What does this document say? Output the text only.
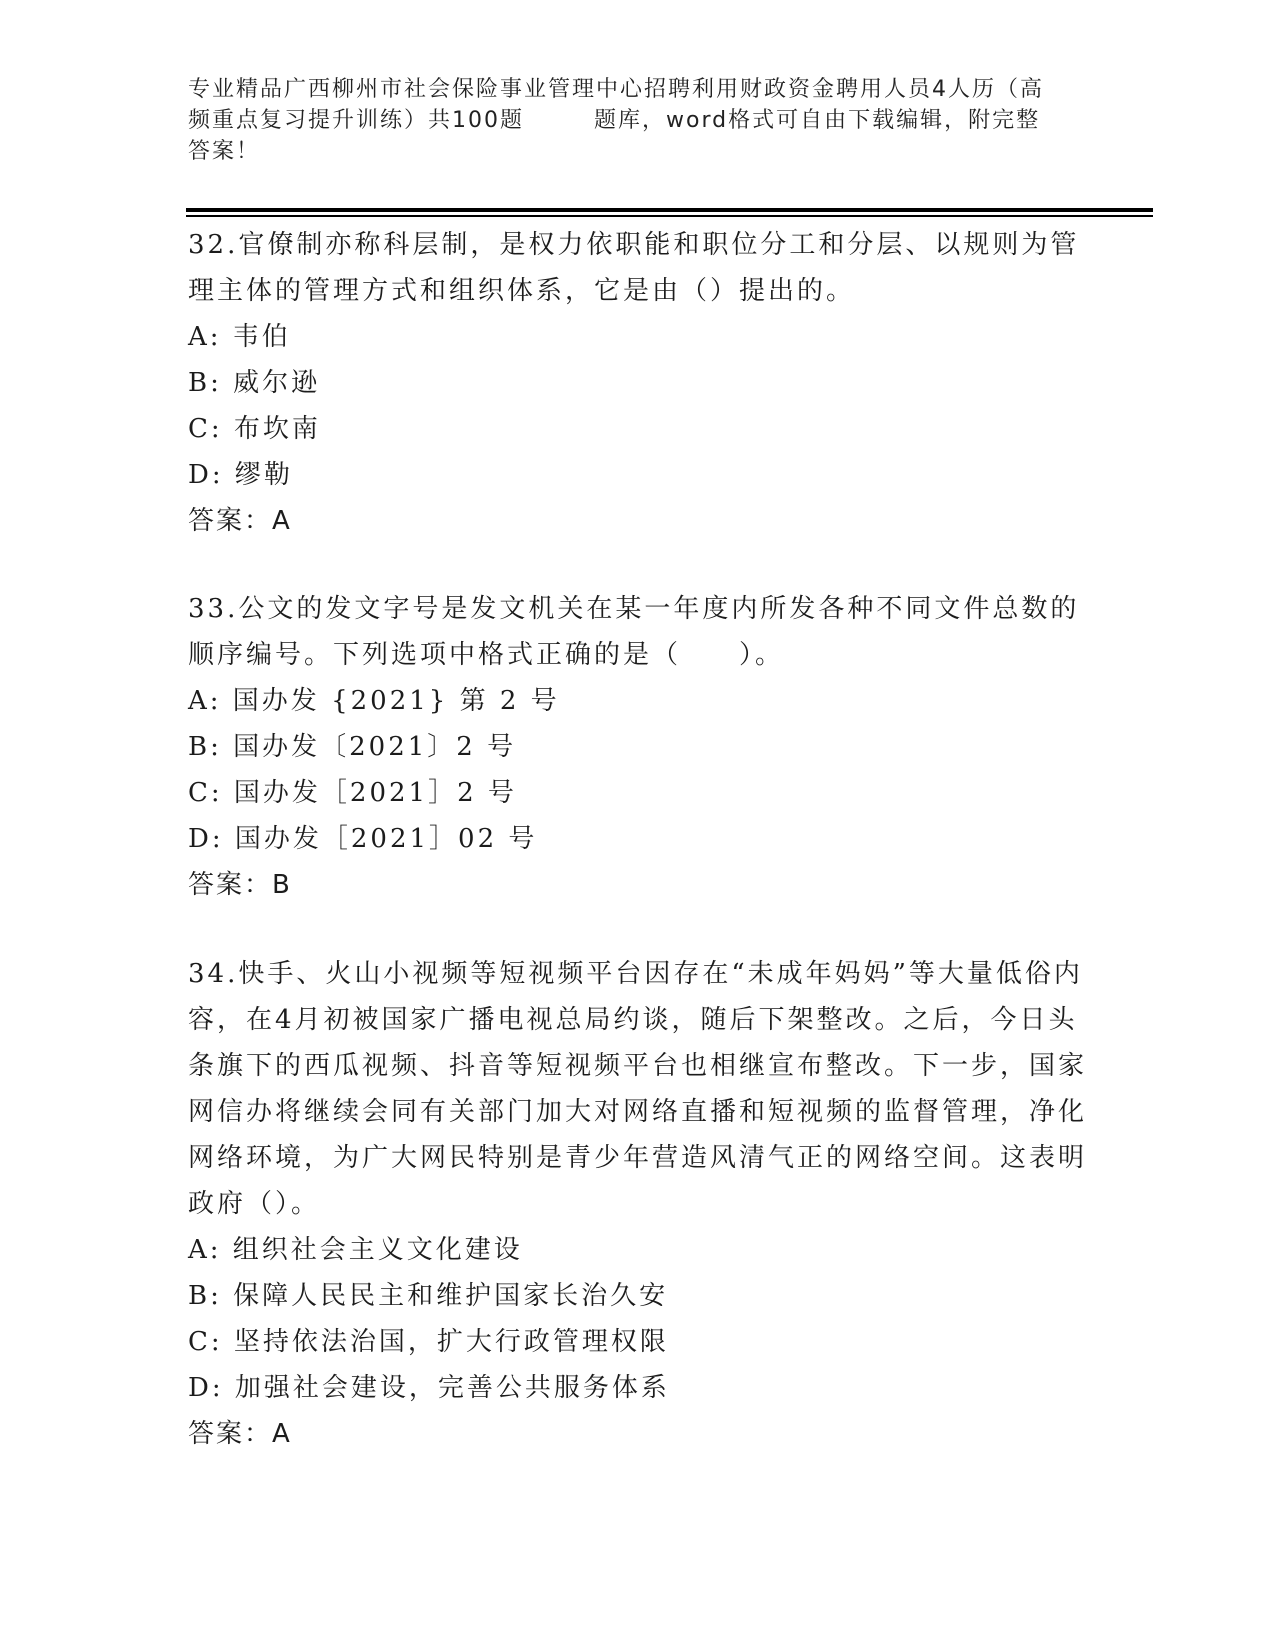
专业精品广西柳州市社会保险事业管理中心招聘利用财政资金聘用人员4人历（高
频重点复习提升训练）共100题	题库，word格式可自由下载编辑，附完整
答案！

32.官僚制亦称科层制，是权力依职能和职位分工和分层、以规则为管理主体的管理方式和组织体系，它是由（）提出的。

A: 韦伯

B: 威尔逊

C: 布坎南

D: 缪勒

答案：A

33.公文的发文字号是发文机关在某一年度内所发各种不同文件总数的顺序编号。下列选项中格式正确的是（　　）。

A: 国办发 {2021} 第 2 号

B: 国办发〔2021〕2 号

C: 国办发［2021］2 号

D: 国办发［2021］02 号

答案：B

34.快手、火山小视频等短视频平台因存在“未成年妈妈”等大量低俗内容，在4月初被国家广播电视总局约谈，随后下架整改。之后，今日头条旗下的西瓜视频、抖音等短视频平台也相继宣布整改。下一步，国家网信办将继续会同有关部门加大对网络直播和短视频的监督管理，净化网络环境，为广大网民特别是青少年营造风清气正的网络空间。这表明政府（）。

A: 组织社会主义文化建设

B: 保障人民民主和维护国家长治久安

C: 坚持依法治国，扩大行政管理权限

D: 加强社会建设，完善公共服务体系

答案：A
